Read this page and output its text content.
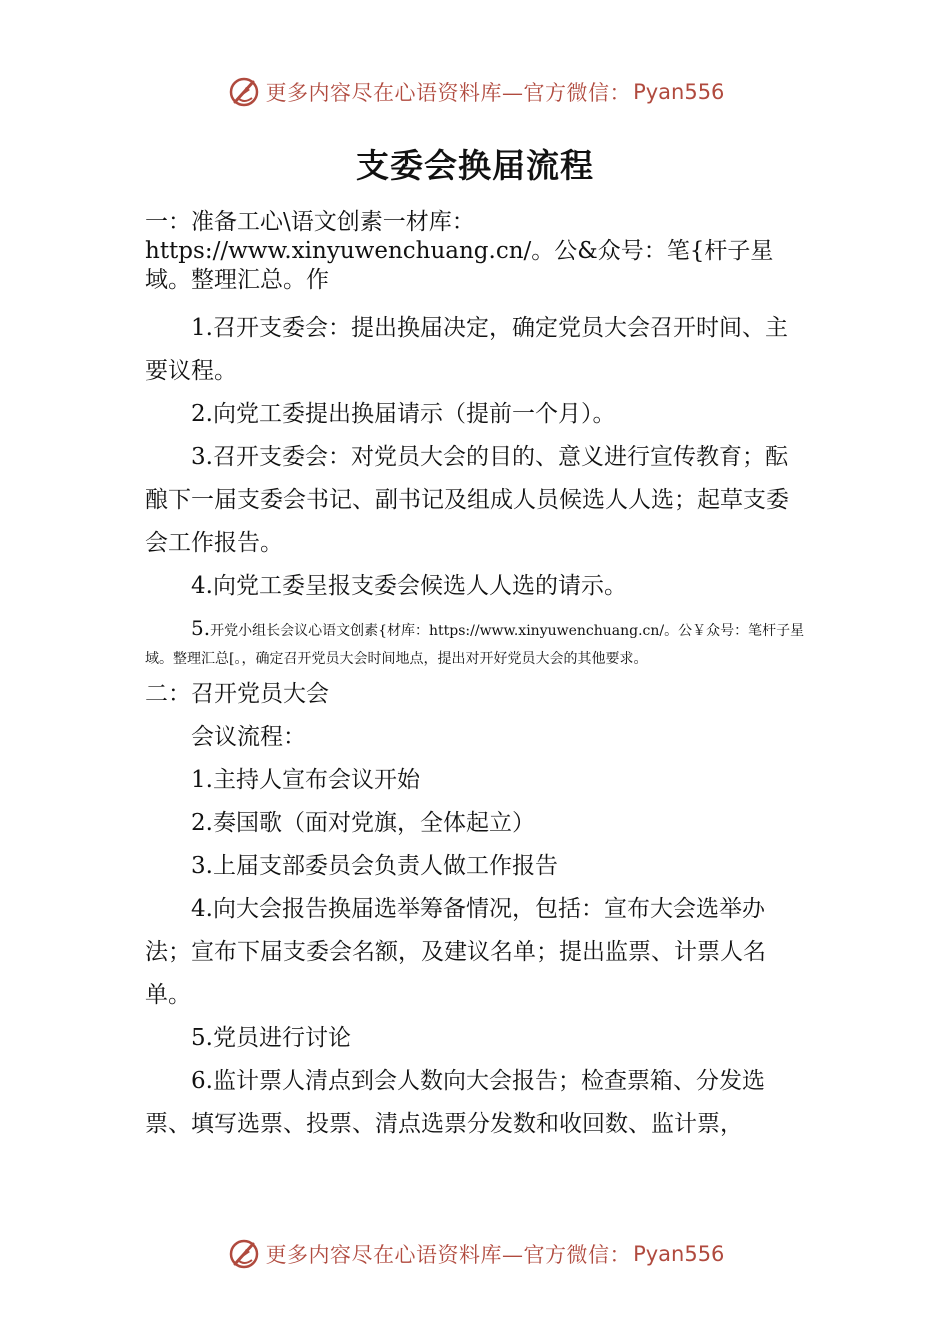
更多内容尽在心语资料库—官方微信： Pyan556
支委会换届流程

一：准备工心\语文创素一材库：https://www.xinyuwenchuang.cn/。公&众号：笔{杆子星域。整理汇总。作

1.召开支委会：提出换届决定，确定党员大会召开时间、主要议程。

2.向党工委提出换届请示（提前一个月）。

3.召开支委会：对党员大会的目的、意义进行宣传教育；酝酿下一届支委会书记、副书记及组成人员候选人人选；起草支委会工作报告。

4.向党工委呈报支委会候选人人选的请示。

5.开党小组长会议心语文创素{材库：https://www.xinyuwenchuang.cn/。公￥众号：笔杆子星域。整理汇总[。，确定召开党员大会时间地点，提出对开好党员大会的其他要求。

二：召开党员大会

会议流程：

1.主持人宣布会议开始

2.奏国歌（面对党旗，全体起立）

3.上届支部委员会负责人做工作报告

4.向大会报告换届选举筹备情况，包括：宣布大会选举办法；宣布下届支委会名额，及建议名单；提出监票、计票人名单。

5.党员进行讨论

6.监计票人清点到会人数向大会报告；检查票箱、分发选票、填写选票、投票、清点选票分发数和收回数、监计票，

更多内容尽在心语资料库—官方微信： Pyan556
